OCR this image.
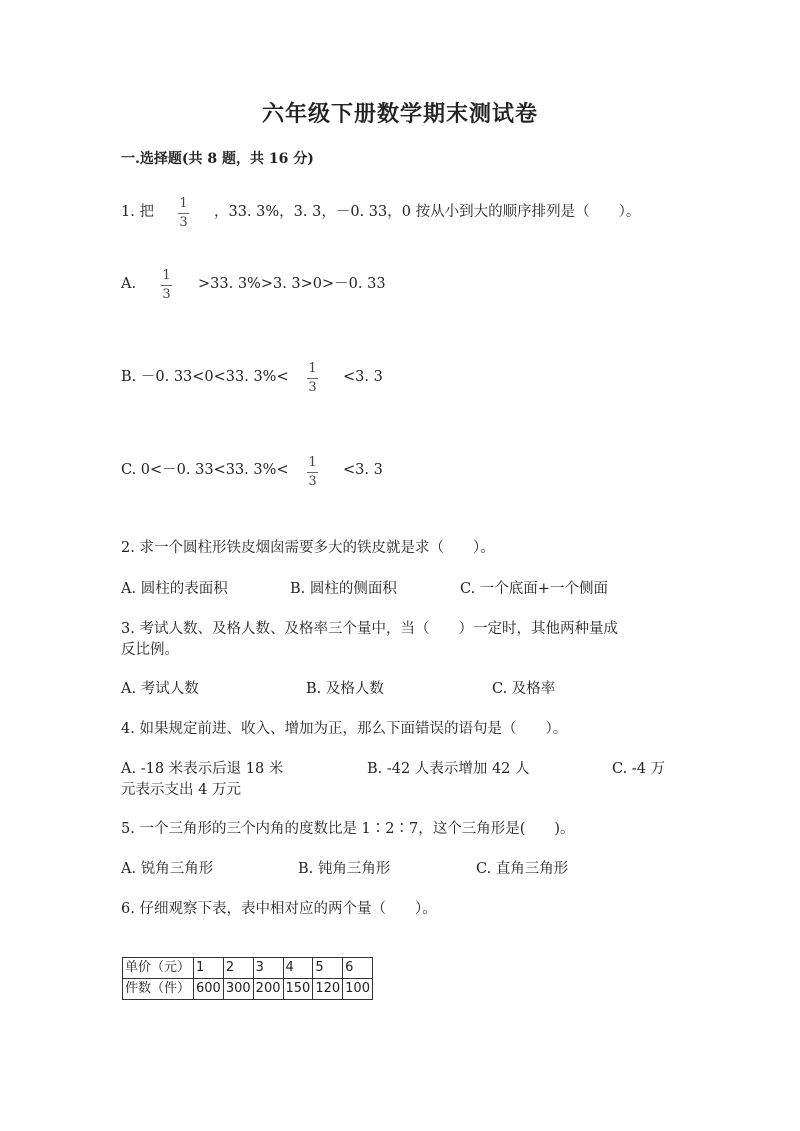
六年级下册数学期末测试卷
一.选择题(共 8 题，共 16 分)
1. 把
1
3
，33. 3%，3. 3，－0. 33，0 按从小到大的顺序排列是（　　）。
A.
1
3
>33. 3%>3. 3>0>－0. 33
B. －0. 33<0<33. 3%<
1
3
<3. 3
C. 0<－0. 33<33. 3%< 1
3
<3. 3
2. 求一个圆柱形铁皮烟囱需要多大的铁皮就是求（　　）。
A. 圆柱的表面积	B. 圆柱的侧面积	C. 一个底面+一个侧面
3. 考试人数、及格人数、及格率三个量中，当（　　）一定时，其他两种量成
反比例。
A. 考试人数	B. 及格人数	C. 及格率
4. 如果规定前进、收入、增加为正，那么下面错误的语句是（　　）。
A. -18 米表示后退 18 米	B. -42 人表示增加 42 人	C. -4 万
元表示支出 4 万元
5. 一个三角形的三个内角的度数比是 1∶2∶7，这个三角形是(　　)。
A. 锐角三角形	B. 钝角三角形	C. 直角三角形
6. 仔细观察下表，表中相对应的两个量（　　）。
单价（元）	1	2	3	4	5	6
件数（件）	600	300	200	150	120	100
